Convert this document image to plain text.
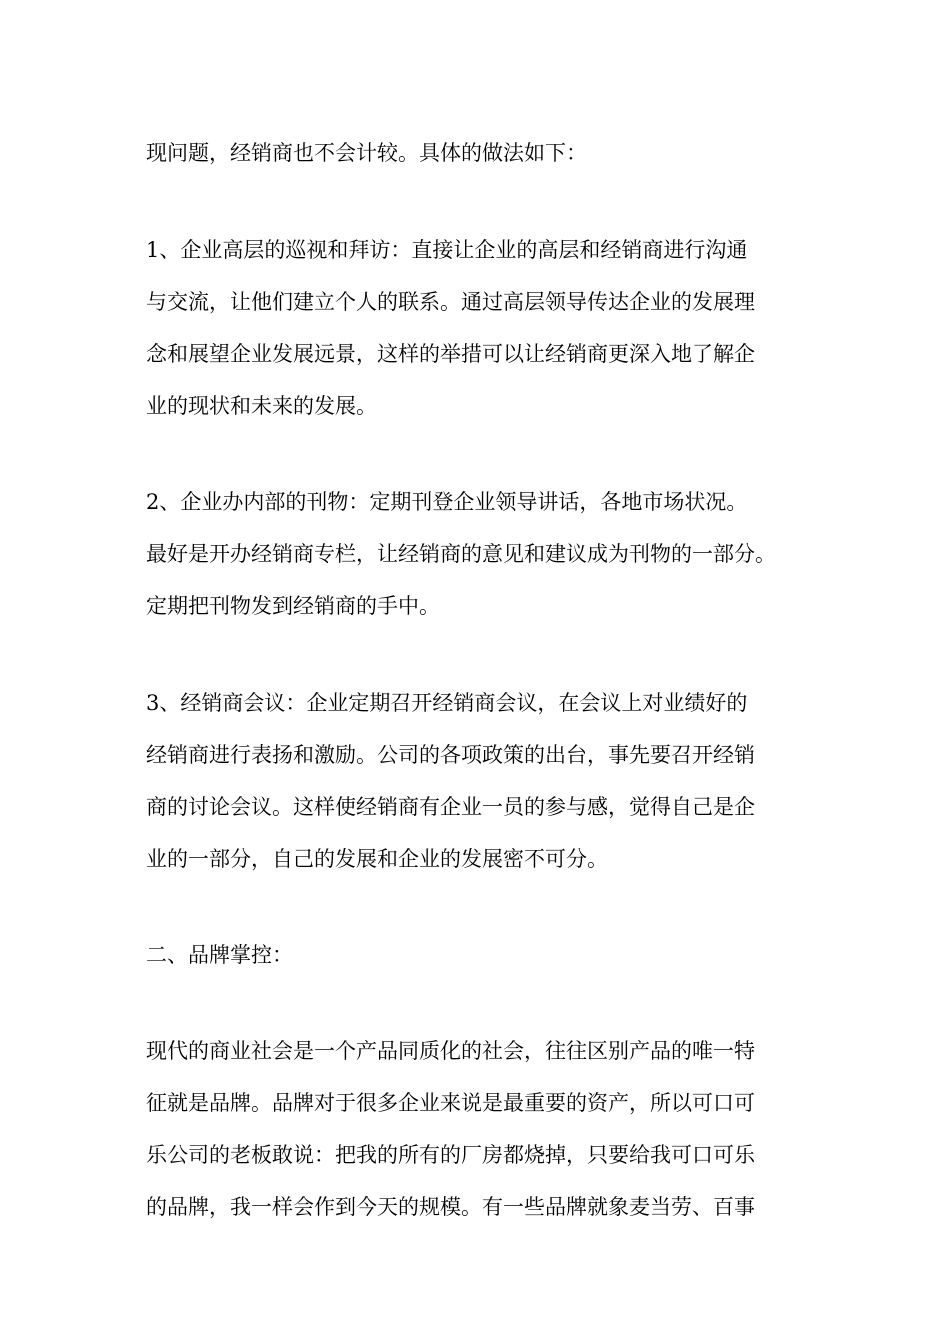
现问题，经销商也不会计较。具体的做法如下：

1、企业高层的巡视和拜访：直接让企业的高层和经销商进行沟通

与交流，让他们建立个人的联系。通过高层领导传达企业的发展理

念和展望企业发展远景，这样的举措可以让经销商更深入地了解企

业的现状和未来的发展。

2、企业办内部的刊物：定期刊登企业领导讲话，各地市场状况。

最好是开办经销商专栏，让经销商的意见和建议成为刊物的一部分。

定期把刊物发到经销商的手中。

3、经销商会议：企业定期召开经销商会议，在会议上对业绩好的

经销商进行表扬和激励。公司的各项政策的出台，事先要召开经销

商的讨论会议。这样使经销商有企业一员的参与感，觉得自己是企

业的一部分，自己的发展和企业的发展密不可分。

二、品牌掌控：

现代的商业社会是一个产品同质化的社会，往往区别产品的唯一特

征就是品牌。品牌对于很多企业来说是最重要的资产，所以可口可

乐公司的老板敢说：把我的所有的厂房都烧掉，只要给我可口可乐

的品牌，我一样会作到今天的规模。有一些品牌就象麦当劳、百事
